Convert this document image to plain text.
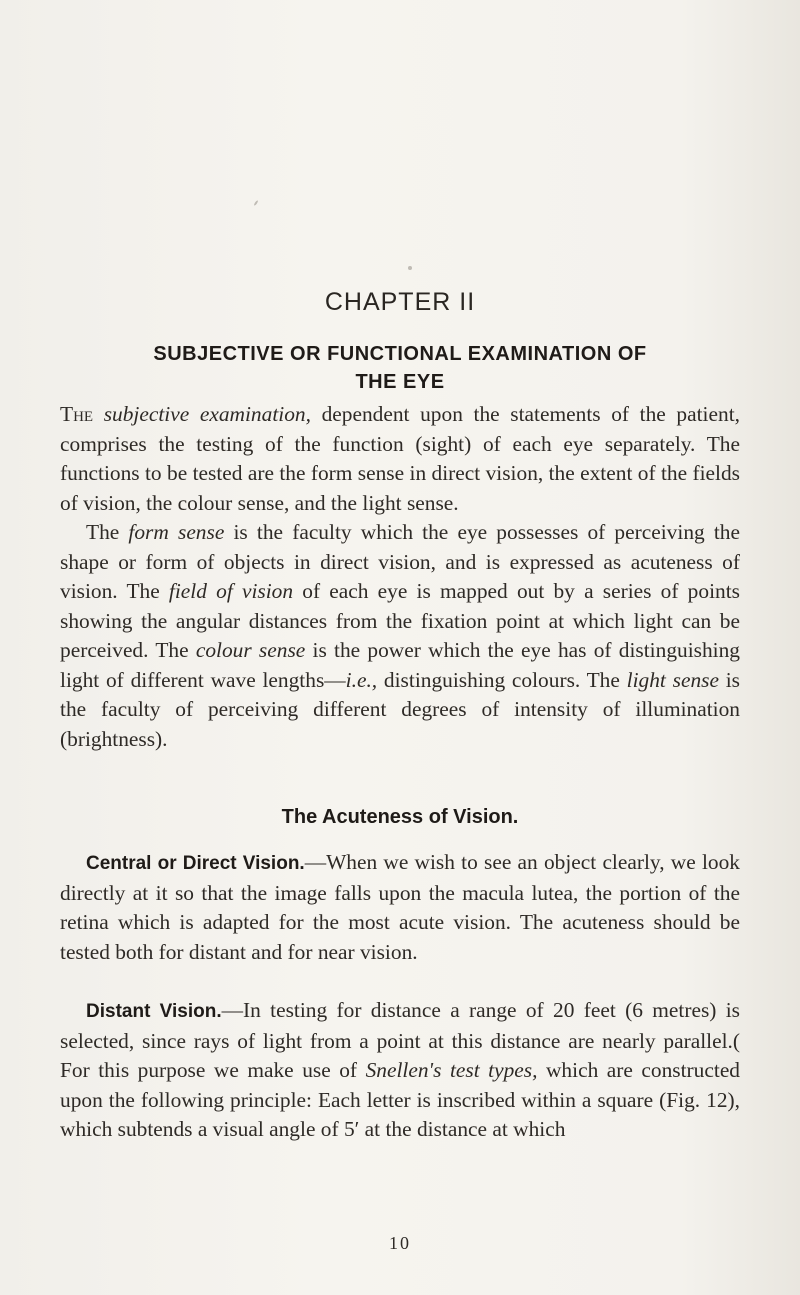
CHAPTER II
SUBJECTIVE OR FUNCTIONAL EXAMINATION OF
THE EYE

The subjective examination, dependent upon the statements of the patient, comprises the testing of the function (sight) of each eye separately. The functions to be tested are the form sense in direct vision, the extent of the fields of vision, the colour sense, and the light sense.

The form sense is the faculty which the eye possesses of perceiving the shape or form of objects in direct vision, and is expressed as acuteness of vision. The field of vision of each eye is mapped out by a series of points showing the angular distances from the fixation point at which light can be perceived. The colour sense is the power which the eye has of distinguishing light of different wave lengths—i.e., distinguishing colours. The light sense is the faculty of perceiving different degrees of intensity of illumination (brightness).

The Acuteness of Vision.

Central or Direct Vision.—When we wish to see an object clearly, we look directly at it so that the image falls upon the macula lutea, the portion of the retina which is adapted for the most acute vision. The acuteness should be tested both for distant and for near vision.

Distant Vision.—In testing for distance a range of 20 feet (6 metres) is selected, since rays of light from a point at this distance are nearly parallel.( For this purpose we make use of Snellen's test types, which are constructed upon the following principle: Each letter is inscribed within a square (Fig. 12), which subtends a visual angle of 5′ at the distance at which

10
